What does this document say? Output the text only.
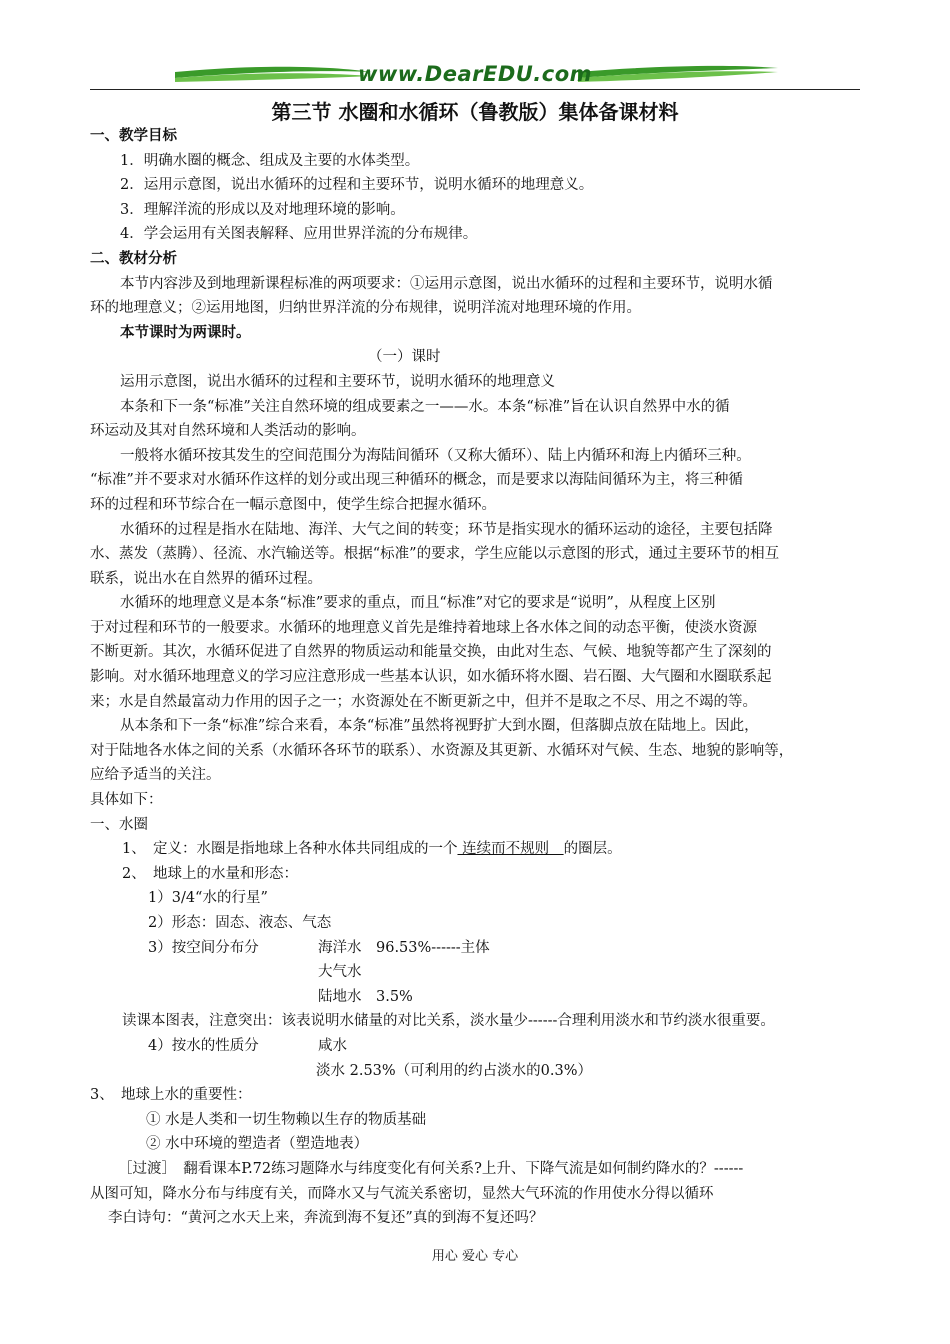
www.DearEDU.com
第三节 水圈和水循环（鲁教版）集体备课材料
一、教学目标
1．明确水圈的概念、组成及主要的水体类型。
2．运用示意图，说出水循环的过程和主要环节，说明水循环的地理意义。
3．理解洋流的形成以及对地理环境的影响。
4．学会运用有关图表解释、应用世界洋流的分布规律。
二、教材分析
本节内容涉及到地理新课程标准的两项要求：①运用示意图，说出水循环的过程和主要环节，说明水循
环的地理意义；②运用地图，归纳世界洋流的分布规律，说明洋流对地理环境的作用。
本节课时为两课时。
（一）课时
运用示意图，说出水循环的过程和主要环节，说明水循环的地理意义
本条和下一条“标准”关注自然环境的组成要素之一——水。本条“标准”旨在认识自然界中水的循
环运动及其对自然环境和人类活动的影响。
一般将水循环按其发生的空间范围分为海陆间循环（又称大循环）、陆上内循环和海上内循环三种。
“标准”并不要求对水循环作这样的划分或出现三种循环的概念，而是要求以海陆间循环为主，将三种循
环的过程和环节综合在一幅示意图中，使学生综合把握水循环。
水循环的过程是指水在陆地、海洋、大气之间的转变；环节是指实现水的循环运动的途径，主要包括降
水、蒸发（蒸腾）、径流、水汽输送等。根据“标准”的要求，学生应能以示意图的形式，通过主要环节的相互
联系，说出水在自然界的循环过程。
水循环的地理意义是本条“标准”要求的重点，而且“标准”对它的要求是“说明”，从程度上区别
于对过程和环节的一般要求。水循环的地理意义首先是维持着地球上各水体之间的动态平衡，使淡水资源
不断更新。其次，水循环促进了自然界的物质运动和能量交换，由此对生态、气候、地貌等都产生了深刻的
影响。对水循环地理意义的学习应注意形成一些基本认识，如水循环将水圈、岩石圈、大气圈和水圈联系起
来；水是自然最富动力作用的因子之一；水资源处在不断更新之中，但并不是取之不尽、用之不竭的等。
从本条和下一条“标准”综合来看，本条“标准”虽然将视野扩大到水圈，但落脚点放在陆地上。因此，
对于陆地各水体之间的关系（水循环各环节的联系）、水资源及其更新、水循环对气候、生态、地貌的影响等，
应给予适当的关注。
具体如下：
一、水圈
1、　定义：水圈是指地球上各种水体共同组成的一个 连续而不规则　的圈层。
2、　地球上的水量和形态：
1）3/4“水的行星”
2）形态：固态、液态、气态
3）按空间分布分	海洋水　96.53%------主体
大气水
陆地水　3.5%
读课本图表，注意突出：该表说明水储量的对比关系，淡水量少------合理利用淡水和节约淡水很重要。
4）按水的性质分	咸水
淡水 2.53%（可利用的约占淡水的0.3%）
3、　地球上水的重要性：
① 水是人类和一切生物赖以生存的物质基础
② 水中环境的塑造者（塑造地表）
［过渡］　翻看课本P.72练习题降水与纬度变化有何关系?上升、下降气流是如何制约降水的？------
从图可知，降水分布与纬度有关，而降水又与气流关系密切，显然大气环流的作用使水分得以循环
李白诗句：“黄河之水天上来，奔流到海不复还”真的到海不复还吗？
用心 爱心 专心
